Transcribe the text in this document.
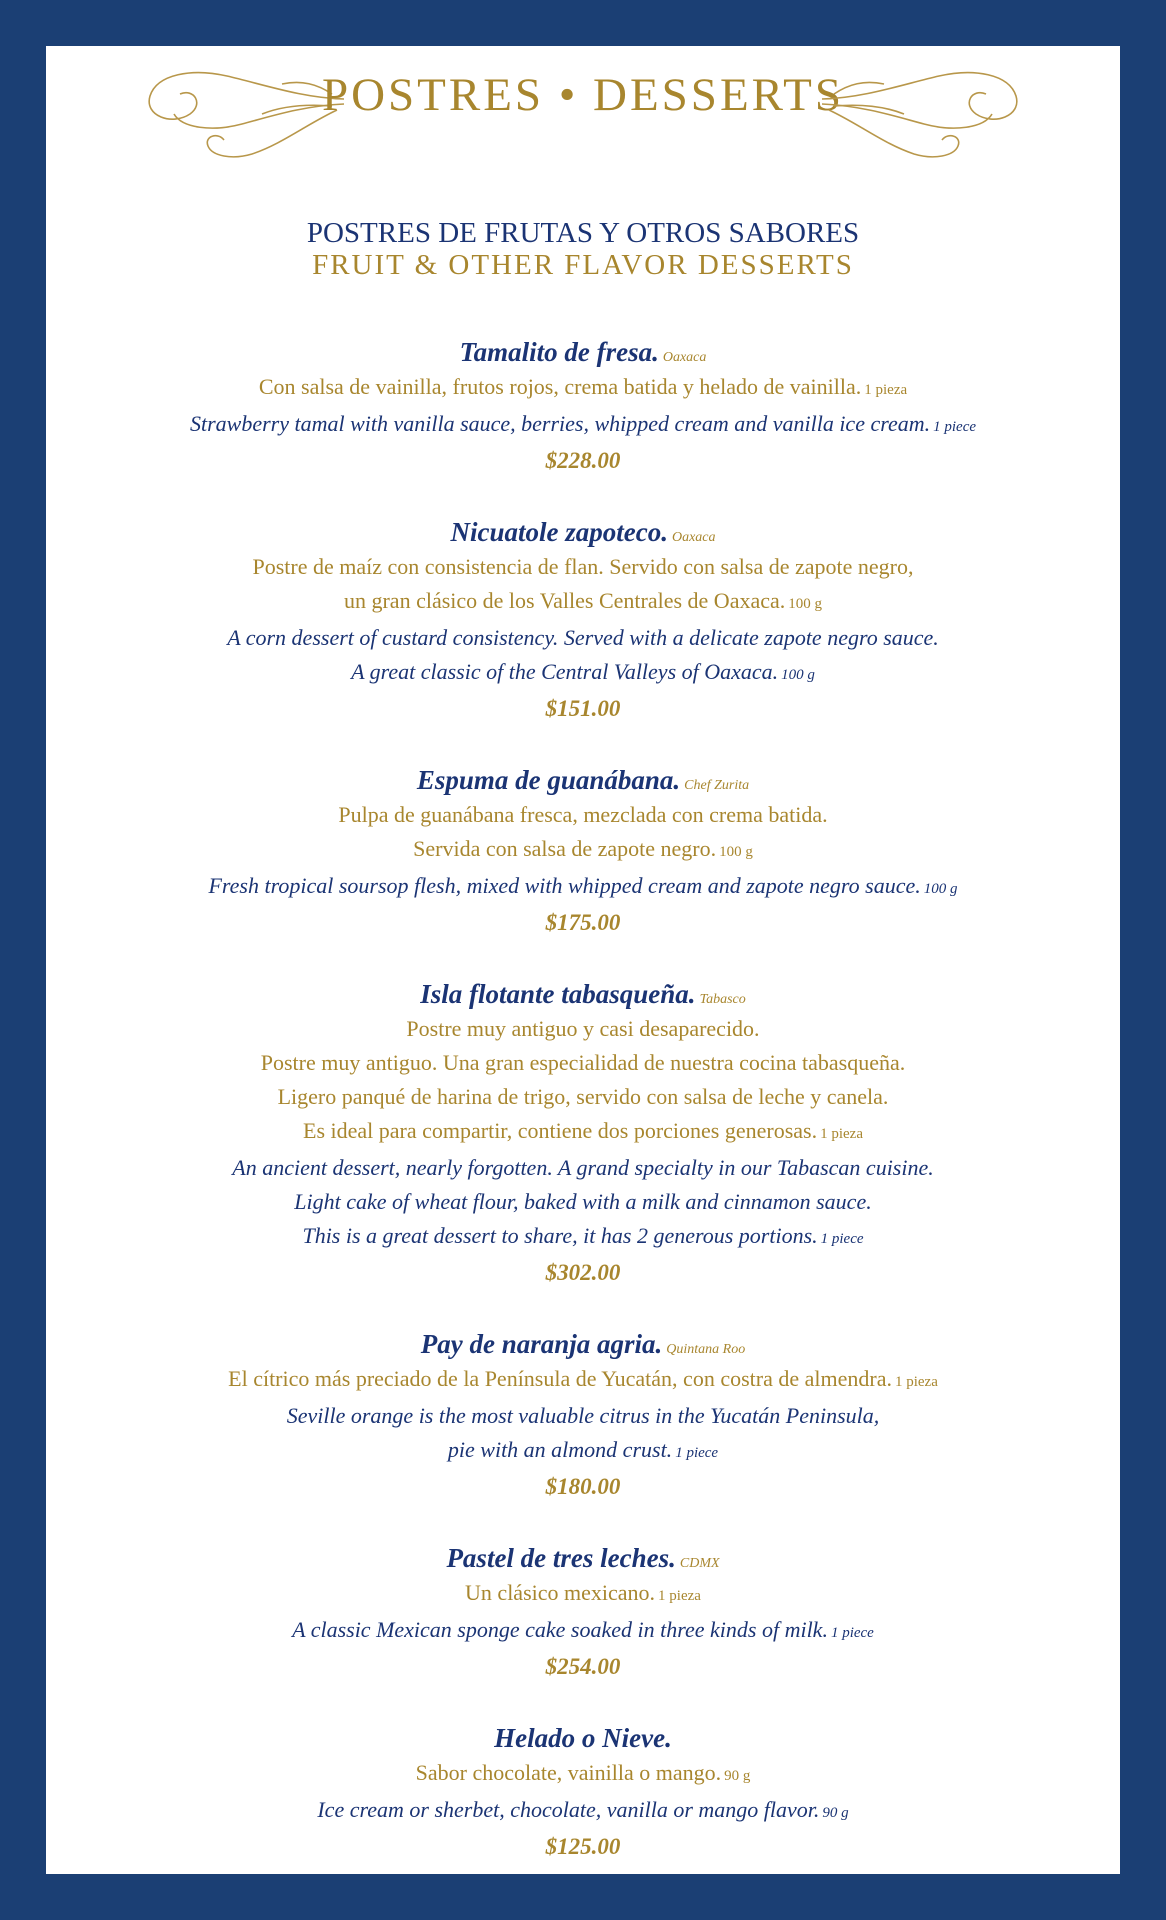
POSTRES • DESSERTS
POSTRES DE FRUTAS Y OTROS SABORES
FRUIT & OTHER FLAVOR DESSERTS
Tamalito de fresa. Oaxaca
Con salsa de vainilla, frutos rojos, crema batida y helado de vainilla. 1 pieza
Strawberry tamal with vanilla sauce, berries, whipped cream and vanilla ice cream. 1 piece
$228.00
Nicuatole zapoteco. Oaxaca
Postre de maíz con consistencia de flan. Servido con salsa de zapote negro,
un gran clásico de los Valles Centrales de Oaxaca. 100 g
A corn dessert of custard consistency. Served with a delicate zapote negro sauce.
A great classic of the Central Valleys of Oaxaca. 100 g
$151.00
Espuma de guanábana. Chef Zurita
Pulpa de guanábana fresca, mezclada con crema batida.
Servida con salsa de zapote negro. 100 g
Fresh tropical soursop flesh, mixed with whipped cream and zapote negro sauce. 100 g
$175.00
Isla flotante tabasqueña. Tabasco
Postre muy antiguo y casi desaparecido.
Postre muy antiguo. Una gran especialidad de nuestra cocina tabasqueña.
Ligero panqué de harina de trigo, servido con salsa de leche y canela.
Es ideal para compartir, contiene dos porciones generosas. 1 pieza
An ancient dessert, nearly forgotten. A grand specialty in our Tabascan cuisine.
Light cake of wheat flour, baked with a milk and cinnamon sauce.
This is a great dessert to share, it has 2 generous portions. 1 piece
$302.00
Pay de naranja agria. Quintana Roo
El cítrico más preciado de la Península de Yucatán, con costra de almendra. 1 pieza
Seville orange is the most valuable citrus in the Yucatán Peninsula,
pie with an almond crust. 1 piece
$180.00
Pastel de tres leches. CDMX
Un clásico mexicano. 1 pieza
A classic Mexican sponge cake soaked in three kinds of milk. 1 piece
$254.00
Helado o Nieve.
Sabor chocolate, vainilla o mango. 90 g
Ice cream or sherbet, chocolate, vanilla or mango flavor. 90 g
$125.00
